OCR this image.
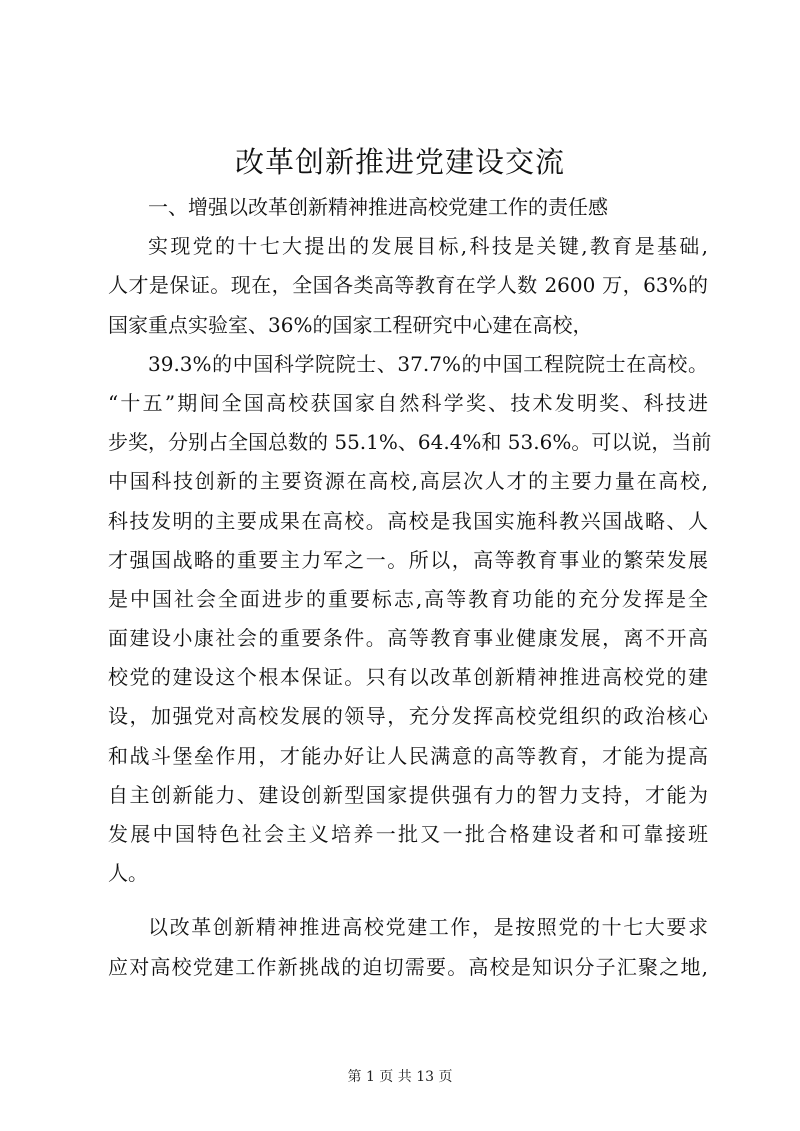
改革创新推进党建设交流
一、增强以改革创新精神推进高校党建工作的责任感
实现党的十七大提出的发展目标,科技是关键,教育是基础,
人才是保证。现在，全国各类高等教育在学人数 2600 万，63%的
国家重点实验室、36%的国家工程研究中心建在高校，
39.3%的中国科学院院士、37.7%的中国工程院院士在高校。
“十五”期间全国高校获国家自然科学奖、技术发明奖、科技进
步奖，分别占全国总数的 55.1%、64.4%和 53.6%。可以说，当前
中国科技创新的主要资源在高校,高层次人才的主要力量在高校,
科技发明的主要成果在高校。高校是我国实施科教兴国战略、人
才强国战略的重要主力军之一。所以，高等教育事业的繁荣发展
是中国社会全面进步的重要标志,高等教育功能的充分发挥是全
面建设小康社会的重要条件。高等教育事业健康发展，离不开高
校党的建设这个根本保证。只有以改革创新精神推进高校党的建
设，加强党对高校发展的领导，充分发挥高校党组织的政治核心
和战斗堡垒作用，才能办好让人民满意的高等教育，才能为提高
自主创新能力、建设创新型国家提供强有力的智力支持，才能为
发展中国特色社会主义培养一批又一批合格建设者和可靠接班
人。
以改革创新精神推进高校党建工作，是按照党的十七大要求
应对高校党建工作新挑战的迫切需要。高校是知识分子汇聚之地,
第 1 页 共 13 页
